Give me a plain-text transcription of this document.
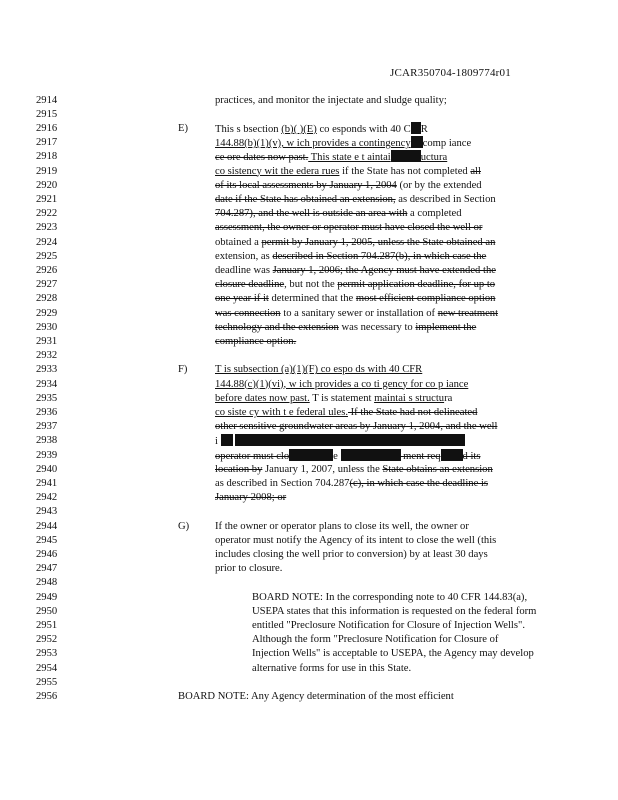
JCAR350704-1809774r01
2914	practices, and monitor the injectate and sludge quality;
2915
2916	E)	This s bsection (b)( )(E) co esponds with 40 C R
2917	144.88(b)(1)(v), w ich provides a contingency comp iance
2918	ce ore dates now past. This state e t aintai	uctura
2919	co sistency wit the edera rues if the State has not completed all
2920	of its local assessments by January 1, 2004 (or by the extended
2921	date if the State has obtained an extension, as described in Section
2922	704.287), and the well is outside an area with a completed
2923	assessment, the owner or operator must have closed the well or
2924	obtained a permit by January 1, 2005, unless the State obtained an
2925	extension, as described in Section 704.287(b), in which case the
2926	deadline was January 1, 2006; the Agency must have extended the
2927	closure deadline, but not the permit application deadline, for up to
2928	one year if it determined that the most efficient compliance option
2929	was connection to a sanitary sewer or installation of new treatment
2930	technology and the extension was necessary to implement the
2931	compliance option.
2932
2933	F)	T is subsection (a)(1)(F) co espo ds with 40 CFR
2934	144.88(c)(1)(vi), w ich provides a co ti gency for co p iance
2935	before dates now past. T is statement maintai s structura
2936	co siste cy with t e federal ules. If the State had not delineated
2937	other sensitive groundwater areas by January 1, 2004, and the well
2938	i
2939	operator must clo	e	ment req d its
2940	location by January 1, 2007, unless the State obtains an extension
2941	as described in Section 704.287(c), in which case the deadline is
2942	January 2008; or
2943
2944	G) If the owner or operator plans to close its well, the owner or
2945	operator must notify the Agency of its intent to close the well (this
2946	includes closing the well prior to conversion) by at least 30 days
2947	prior to closure.
2948
2949	BOARD NOTE: In the corresponding note to 40 CFR 144.83(a),
2950	USEPA states that this information is requested on the federal form
2951	entitled "Preclosure Notification for Closure of Injection Wells".
2952	Although the form "Preclosure Notification for Closure of
2953	Injection Wells" is acceptable to USEPA, the Agency may develop
2954	alternative forms for use in this State.
2955
2956	BOARD NOTE: Any Agency determination of the most efficient
